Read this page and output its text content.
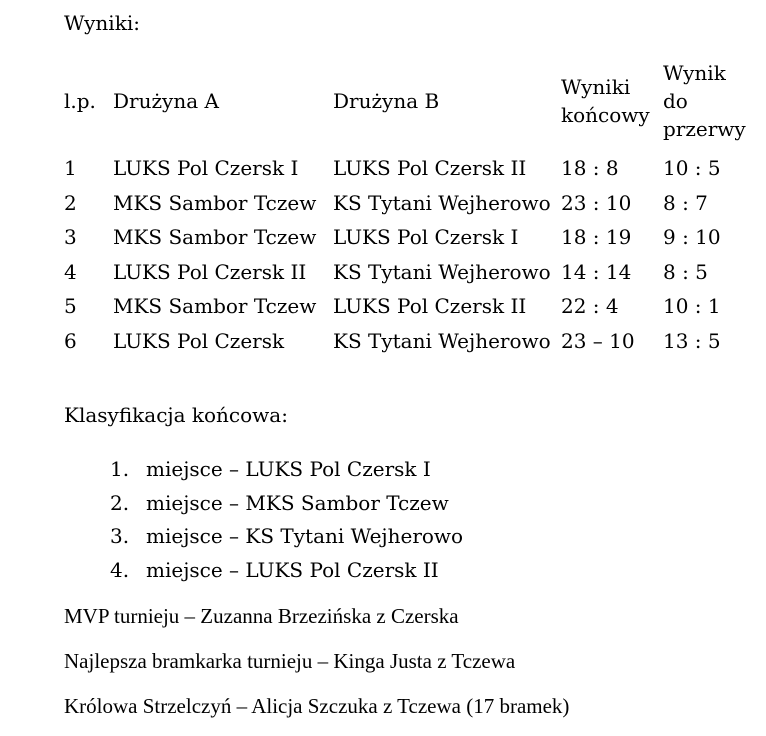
Wyniki:
l.p.	Drużyna A	Drużyna B	Wyniki końcowy	Wynik do przerwy
1	LUKS Pol Czersk I	LUKS Pol Czersk II	18 : 8	10 : 5
2	MKS Sambor Tczew	KS Tytani Wejherowo	23 : 10	8 : 7
3	MKS Sambor Tczew	LUKS Pol Czersk I	18 : 19	9 : 10
4	LUKS Pol Czersk II	KS Tytani Wejherowo	14 : 14	8 : 5
5	MKS Sambor Tczew	LUKS Pol Czersk II	22 : 4	10 : 1
6	LUKS Pol Czersk	KS Tytani Wejherowo	23 – 10	13 : 5
Klasyfikacja końcowa:
1. miejsce – LUKS Pol Czersk I
2. miejsce – MKS Sambor Tczew
3. miejsce – KS Tytani Wejherowo
4. miejsce – LUKS Pol Czersk II

MVP turnieju – Zuzanna Brzezińska z Czerska

Najlepsza bramkarka turnieju – Kinga Justa z Tczewa

Królowa Strzelczyń – Alicja Szczuka z Tczewa (17 bramek)
